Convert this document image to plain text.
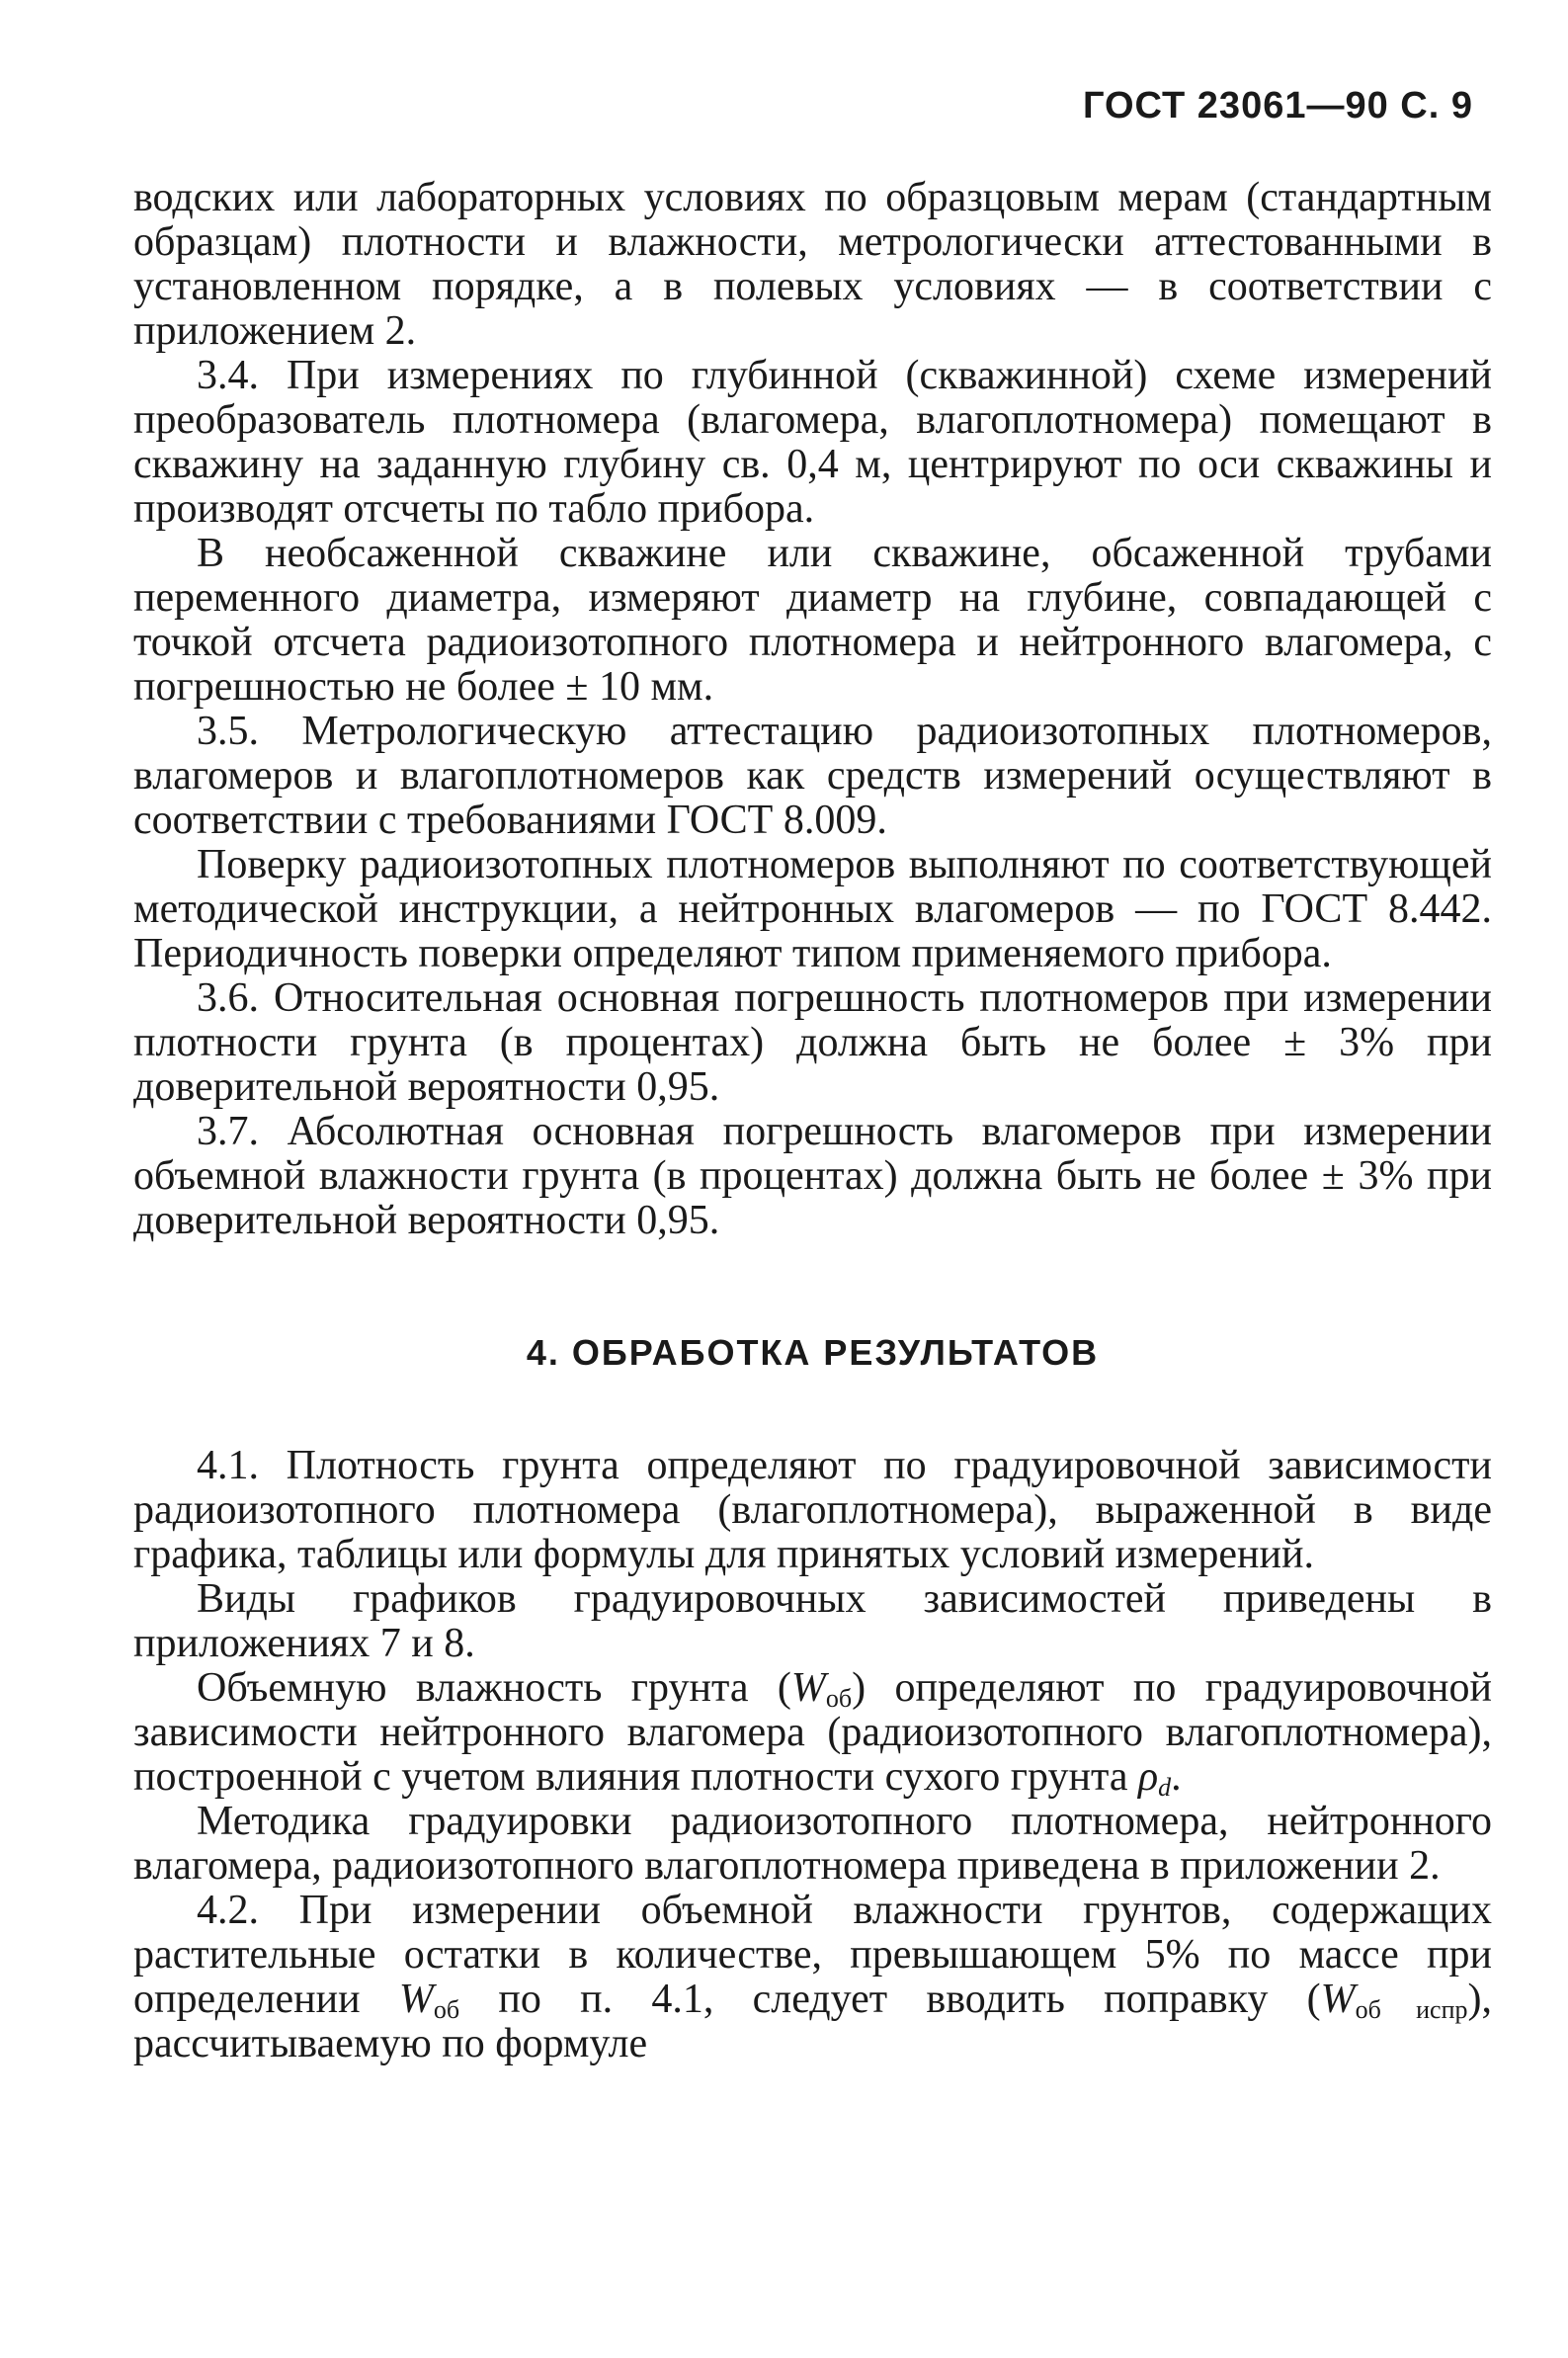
ГОСТ 23061—90 С. 9

водских или лабораторных условиях по образцовым мерам (стандартным образцам) плотности и влажности, метрологически аттестованными в установленном порядке, а в полевых условиях — в соответствии с приложением 2.

3.4. При измерениях по глубинной (скважинной) схеме измерений преобразователь плотномера (влагомера, влагоплотномера) помещают в скважину на заданную глубину св. 0,4 м, центрируют по оси скважины и производят отсчеты по табло прибора.

В необсаженной скважине или скважине, обсаженной трубами переменного диаметра, измеряют диаметр на глубине, совпадающей с точкой отсчета радиоизотопного плотномера и нейтронного влагомера, с погрешностью не более ± 10 мм.

3.5. Метрологическую аттестацию радиоизотопных плотномеров, влагомеров и влагоплотномеров как средств измерений осуществляют в соответствии с требованиями ГОСТ 8.009.

Поверку радиоизотопных плотномеров выполняют по соответствующей методической инструкции, а нейтронных влагомеров — по ГОСТ 8.442. Периодичность поверки определяют типом применяемого прибора.

3.6. Относительная основная погрешность плотномеров при измерении плотности грунта (в процентах) должна быть не более ± 3% при доверительной вероятности 0,95.

3.7. Абсолютная основная погрешность влагомеров при измерении объемной влажности грунта (в процентах) должна быть не более ± 3% при доверительной вероятности 0,95.

4. ОБРАБОТКА РЕЗУЛЬТАТОВ

4.1. Плотность грунта определяют по градуировочной зависимости радиоизотопного плотномера (влагоплотномера), выраженной в виде графика, таблицы или формулы для принятых условий измерений.

Виды графиков градуировочных зависимостей приведены в приложениях 7 и 8.

Объемную влажность грунта $(W_{об})$ определяют по градуировочной зависимости нейтронного влагомера (радиоизотопного влагоплотномера), построенной с учетом влияния плотности сухого грунта $\rho_d$.

Методика градуировки радиоизотопного плотномера, нейтронного влагомера, радиоизотопного влагоплотномера приведена в приложении 2.

4.2. При измерении объемной влажности грунтов, содержащих растительные остатки в количестве, превышающем 5% по массе при определении $W_{об}$ по п. 4.1, следует вводить поправку $(W_{об испр})$, рассчитываемую по формуле
